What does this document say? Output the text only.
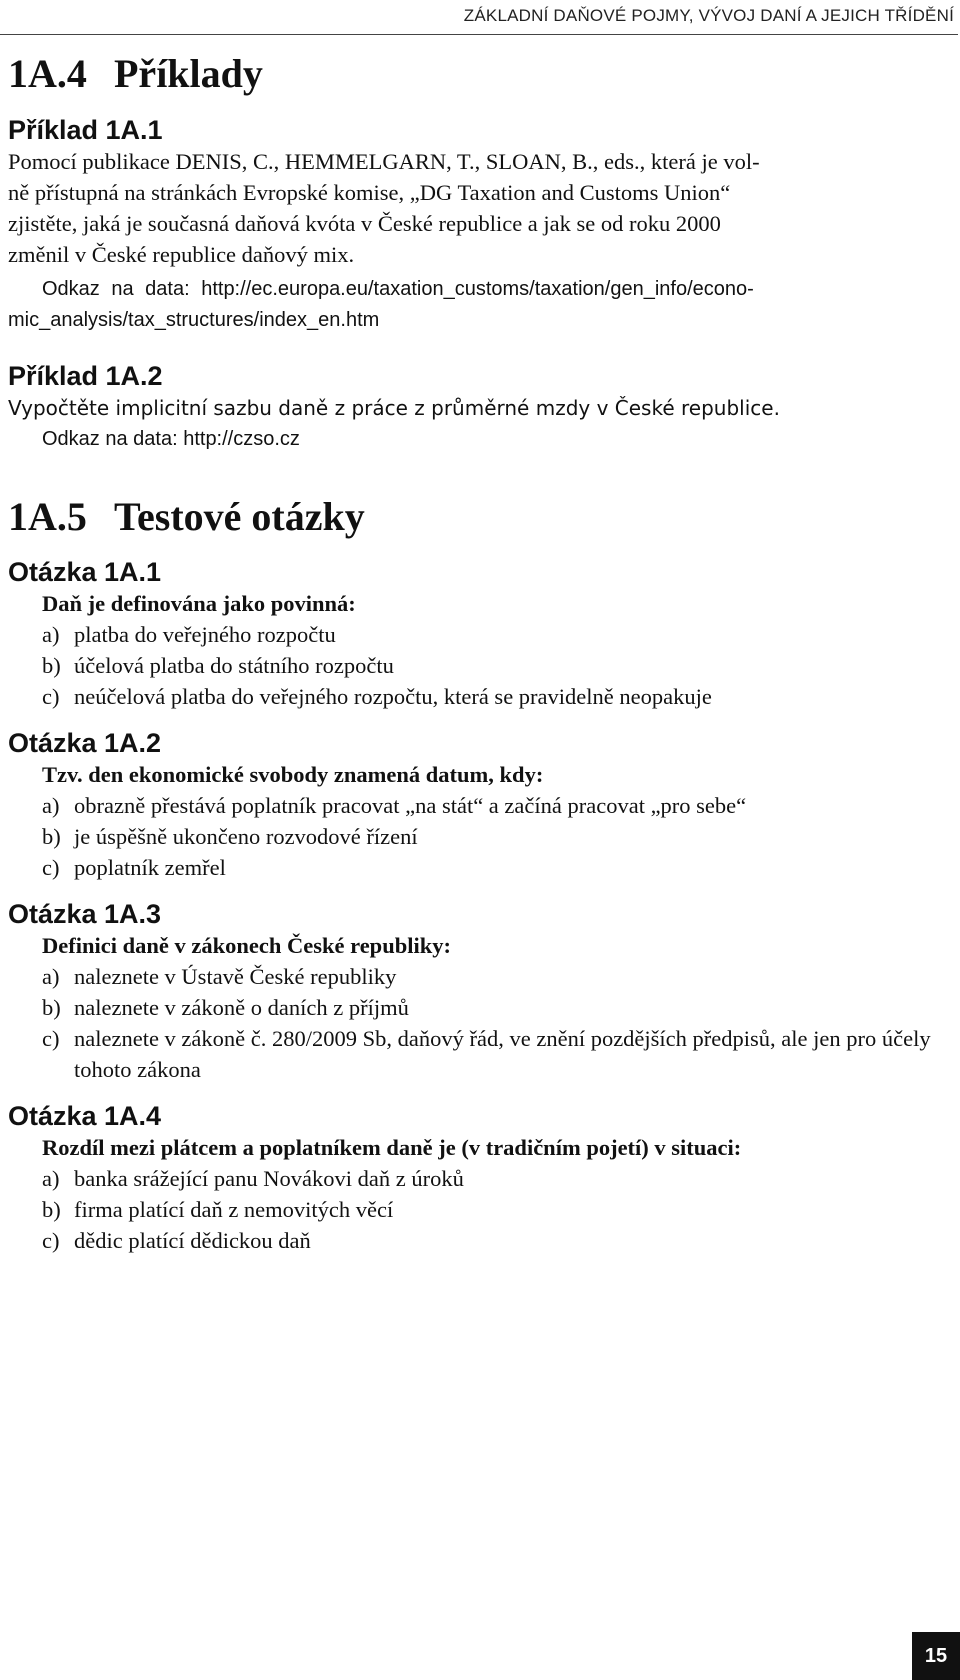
ZÁKLADNÍ DAŇOVÉ POJMY, VÝVOJ DANÍ A JEJICH TŘÍDĚNÍ
1A.4 Příklady
Příklad 1A.1

Pomocí publikace DENIS, C., HEMMELGARN, T., SLOAN, B., eds., která je vol-

ně přístupná na stránkách Evropské komise, „DG Taxation and Customs Union“

zjistěte, jaká je současná daňová kvóta v České republice a jak se od roku 2000

změnil v České republice daňový mix.

Odkaz na data: http://ec.europa.eu/taxation_customs/taxation/gen_info/econo-

mic_analysis/tax_structures/index_en.htm

Příklad 1A.2

Vypočtěte implicitní sazbu daně z práce z průměrné mzdy v České republice.

Odkaz na data: http://czso.cz

1A.5 Testové otázky
Otázka 1A.1

Daň je definována jako povinná:

a) platba do veřejného rozpočtu
b) účelová platba do státního rozpočtu
c) neúčelová platba do veřejného rozpočtu, která se pravidelně neopakuje
Otázka 1A.2

Tzv. den ekonomické svobody znamená datum, kdy:

a) obrazně přestává poplatník pracovat „na stát“ a začíná pracovat „pro sebe“
b) je úspěšně ukončeno rozvodové řízení
c) poplatník zemřel
Otázka 1A.3

Definici daně v zákonech České republiky:

a) naleznete v Ústavě České republiky
b) naleznete v zákoně o daních z příjmů
c) naleznete v zákoně č. 280/2009 Sb, daňový řád, ve znění pozdějších předpisů, ale jen pro účely tohoto zákona
Otázka 1A.4

Rozdíl mezi plátcem a poplatníkem daně je (v tradičním pojetí) v situaci:

a) banka srážející panu Novákovi daň z úroků
b) firma platící daň z nemovitých věcí
c) dědic platící dědickou daň
15
